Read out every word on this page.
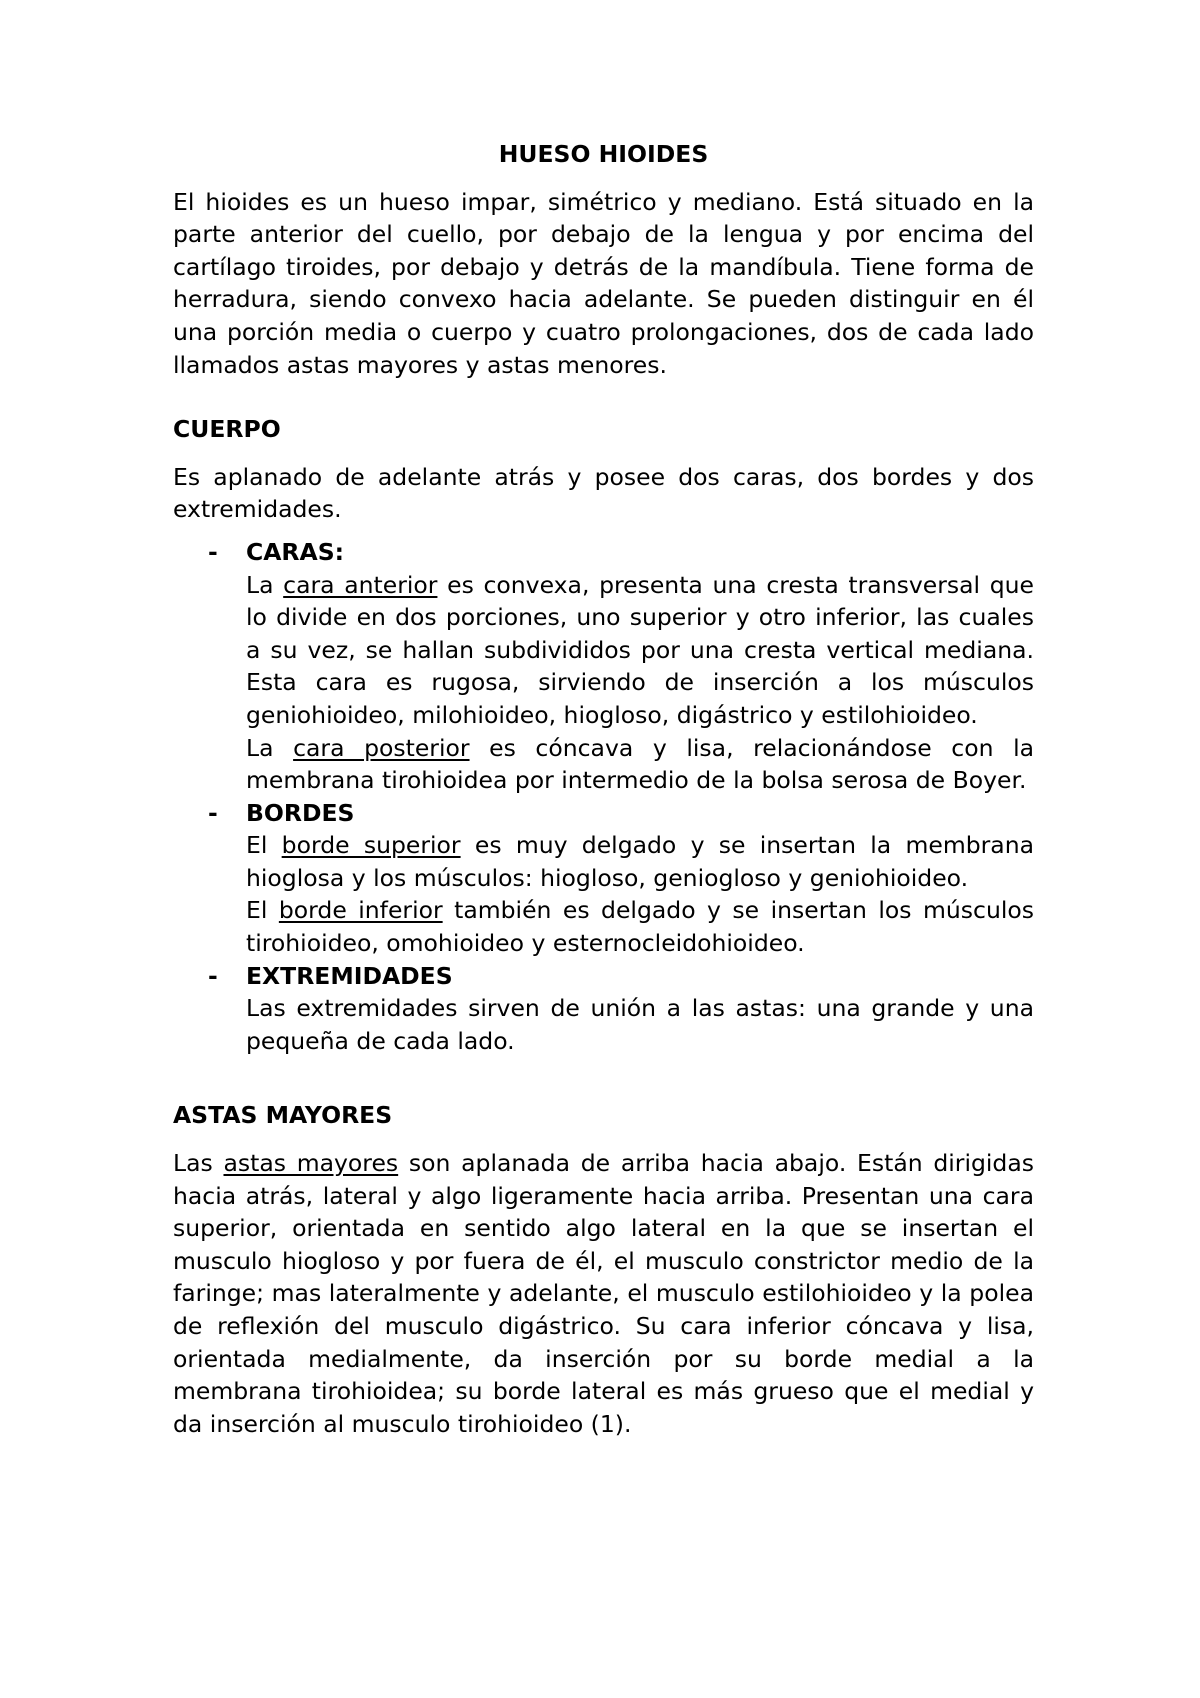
HUESO HIOIDES

El hioides es un hueso impar, simétrico y mediano. Está situado en la parte anterior del cuello, por debajo de la lengua y por encima del cartílago tiroides, por debajo y detrás de la mandíbula. Tiene forma de herradura, siendo convexo hacia adelante. Se pueden distinguir en él una porción media o cuerpo y cuatro prolongaciones, dos de cada lado llamados astas mayores y astas menores.

CUERPO

Es aplanado de adelante atrás y posee dos caras, dos bordes y dos extremidades.

- CARAS:

La cara anterior es convexa, presenta una cresta transversal que lo divide en dos porciones, uno superior y otro inferior, las cuales a su vez, se hallan subdivididos por una cresta vertical mediana. Esta cara es rugosa, sirviendo de inserción a los músculos geniohioideo, milohioideo, hiogloso, digástrico y estilohioideo.

La cara posterior es cóncava y lisa, relacionándose con la membrana tirohioidea por intermedio de la bolsa serosa de Boyer.

- BORDES

El borde superior es muy delgado y se insertan la membrana hioglosa y los músculos: hiogloso, geniogloso y geniohioideo.

El borde inferior también es delgado y se insertan los músculos tirohioideo, omohioideo y esternocleidohioideo.

- EXTREMIDADES

Las extremidades sirven de unión a las astas: una grande y una pequeña de cada lado.

ASTAS MAYORES

Las astas mayores son aplanada de arriba hacia abajo. Están dirigidas hacia atrás, lateral y algo ligeramente hacia arriba. Presentan una cara superior, orientada en sentido algo lateral en la que se insertan el musculo hiogloso y por fuera de él, el musculo constrictor medio de la faringe; mas lateralmente y adelante, el musculo estilohioideo y la polea de reflexión del musculo digástrico. Su cara inferior cóncava y lisa, orientada medialmente, da inserción por su borde medial a la membrana tirohioidea; su borde lateral es más grueso que el medial y da inserción al musculo tirohioideo (1).
